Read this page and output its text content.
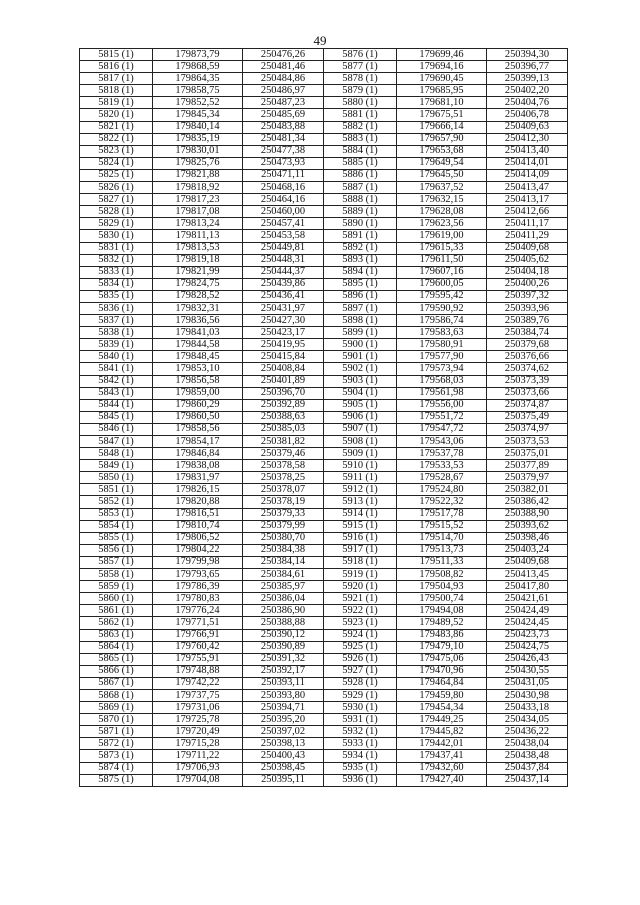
49
5815 (1)	179873,79	250476,26	5876 (1)	179699,46	250394,30
5816 (1)	179868,59	250481,46	5877 (1)	179694,16	250396,77
5817 (1)	179864,35	250484,86	5878 (1)	179690,45	250399,13
5818 (1)	179858,75	250486,97	5879 (1)	179685,95	250402,20
5819 (1)	179852,52	250487,23	5880 (1)	179681,10	250404,76
5820 (1)	179845,34	250485,69	5881 (1)	179675,51	250406,78
5821 (1)	179840,14	250483,88	5882 (1)	179666,14	250409,63
5822 (1)	179835,19	250481,34	5883 (1)	179657,90	250412,30
5823 (1)	179830,01	250477,38	5884 (1)	179653,68	250413,40
5824 (1)	179825,76	250473,93	5885 (1)	179649,54	250414,01
5825 (1)	179821,88	250471,11	5886 (1)	179645,50	250414,09
5826 (1)	179818,92	250468,16	5887 (1)	179637,52	250413,47
5827 (1)	179817,23	250464,16	5888 (1)	179632,15	250413,17
5828 (1)	179817,08	250460,00	5889 (1)	179628,08	250412,66
5829 (1)	179813,24	250457,41	5890 (1)	179623,56	250411,17
5830 (1)	179811,13	250453,58	5891 (1)	179619,00	250411,29
5831 (1)	179813,53	250449,81	5892 (1)	179615,33	250409,68
5832 (1)	179819,18	250448,31	5893 (1)	179611,50	250405,62
5833 (1)	179821,99	250444,37	5894 (1)	179607,16	250404,18
5834 (1)	179824,75	250439,86	5895 (1)	179600,05	250400,26
5835 (1)	179828,52	250436,41	5896 (1)	179595,42	250397,32
5836 (1)	179832,31	250431,97	5897 (1)	179590,92	250393,96
5837 (1)	179836,56	250427,30	5898 (1)	179586,74	250389,76
5838 (1)	179841,03	250423,17	5899 (1)	179583,63	250384,74
5839 (1)	179844,58	250419,95	5900 (1)	179580,91	250379,68
5840 (1)	179848,45	250415,84	5901 (1)	179577,90	250376,66
5841 (1)	179853,10	250408,84	5902 (1)	179573,94	250374,62
5842 (1)	179856,58	250401,89	5903 (1)	179568,03	250373,39
5843 (1)	179859,00	250396,70	5904 (1)	179561,98	250373,66
5844 (1)	179860,29	250392,89	5905 (1)	179556,00	250374,87
5845 (1)	179860,50	250388,63	5906 (1)	179551,72	250375,49
5846 (1)	179858,56	250385,03	5907 (1)	179547,72	250374,97
5847 (1)	179854,17	250381,82	5908 (1)	179543,06	250373,53
5848 (1)	179846,84	250379,46	5909 (1)	179537,78	250375,01
5849 (1)	179838,08	250378,58	5910 (1)	179533,53	250377,89
5850 (1)	179831,97	250378,25	5911 (1)	179528,67	250379,97
5851 (1)	179826,15	250378,07	5912 (1)	179524,80	250382,01
5852 (1)	179820,88	250378,19	5913 (1)	179522,32	250386,42
5853 (1)	179816,51	250379,33	5914 (1)	179517,78	250388,90
5854 (1)	179810,74	250379,99	5915 (1)	179515,52	250393,62
5855 (1)	179806,52	250380,70	5916 (1)	179514,70	250398,46
5856 (1)	179804,22	250384,38	5917 (1)	179513,73	250403,24
5857 (1)	179799,98	250384,14	5918 (1)	179511,33	250409,68
5858 (1)	179793,65	250384,61	5919 (1)	179508,82	250413,45
5859 (1)	179786,39	250385,97	5920 (1)	179504,93	250417,80
5860 (1)	179780,83	250386,04	5921 (1)	179500,74	250421,61
5861 (1)	179776,24	250386,90	5922 (1)	179494,08	250424,49
5862 (1)	179771,51	250388,88	5923 (1)	179489,52	250424,45
5863 (1)	179766,91	250390,12	5924 (1)	179483,86	250423,73
5864 (1)	179760,42	250390,89	5925 (1)	179479,10	250424,75
5865 (1)	179755,91	250391,32	5926 (1)	179475,06	250426,43
5866 (1)	179748,88	250392,17	5927 (1)	179470,96	250430,55
5867 (1)	179742,22	250393,11	5928 (1)	179464,84	250431,05
5868 (1)	179737,75	250393,80	5929 (1)	179459,80	250430,98
5869 (1)	179731,06	250394,71	5930 (1)	179454,34	250433,18
5870 (1)	179725,78	250395,20	5931 (1)	179449,25	250434,05
5871 (1)	179720,49	250397,02	5932 (1)	179445,82	250436,22
5872 (1)	179715,28	250398,13	5933 (1)	179442,01	250438,04
5873 (1)	179711,22	250400,43	5934 (1)	179437,41	250438,48
5874 (1)	179706,93	250398,45	5935 (1)	179432,60	250437,84
5875 (1)	179704,08	250395,11	5936 (1)	179427,40	250437,14
